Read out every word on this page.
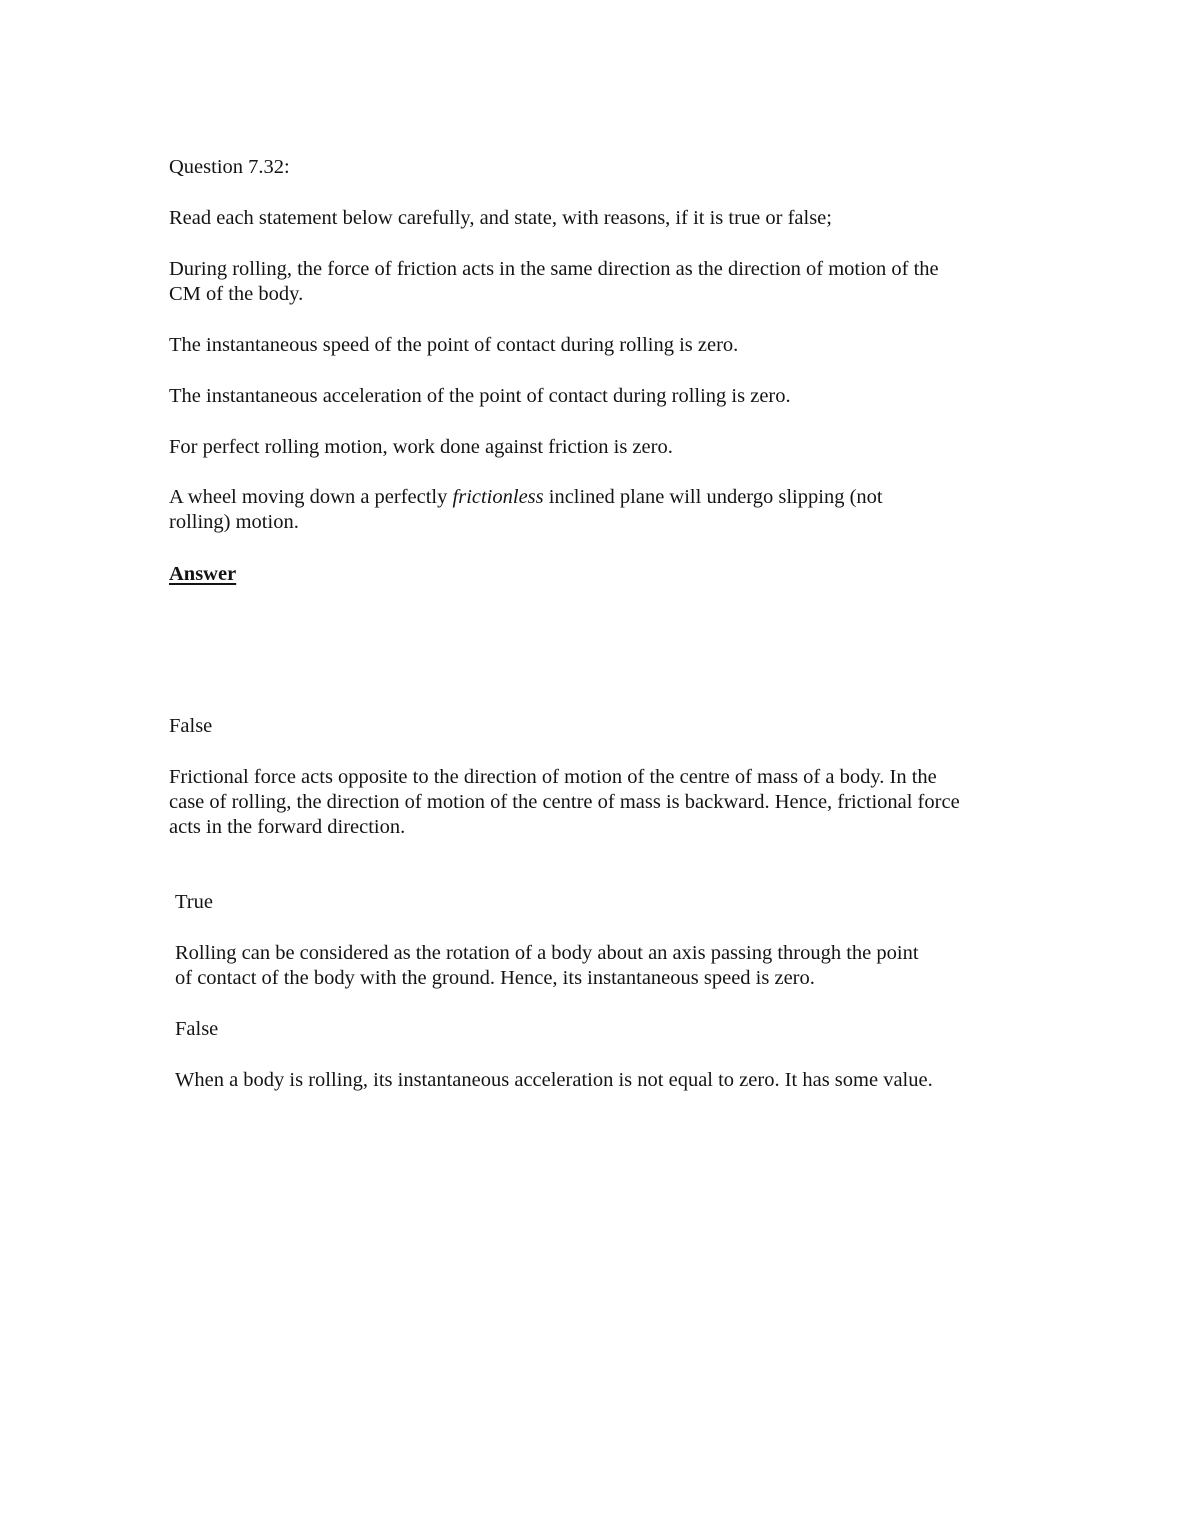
Question 7.32:

Read each statement below carefully, and state, with reasons, if it is true or false;

During rolling, the force of friction acts in the same direction as the direction of motion of the CM of the body.

The instantaneous speed of the point of contact during rolling is zero.

The instantaneous acceleration of the point of contact during rolling is zero.

For perfect rolling motion, work done against friction is zero.

A wheel moving down a perfectly frictionless inclined plane will undergo slipping (not rolling) motion.

Answer

False

Frictional force acts opposite to the direction of motion of the centre of mass of a body. In the case of rolling, the direction of motion of the centre of mass is backward. Hence, frictional force acts in the forward direction.

True

Rolling can be considered as the rotation of a body about an axis passing through the point of contact of the body with the ground. Hence, its instantaneous speed is zero.

False

When a body is rolling, its instantaneous acceleration is not equal to zero. It has some value.
